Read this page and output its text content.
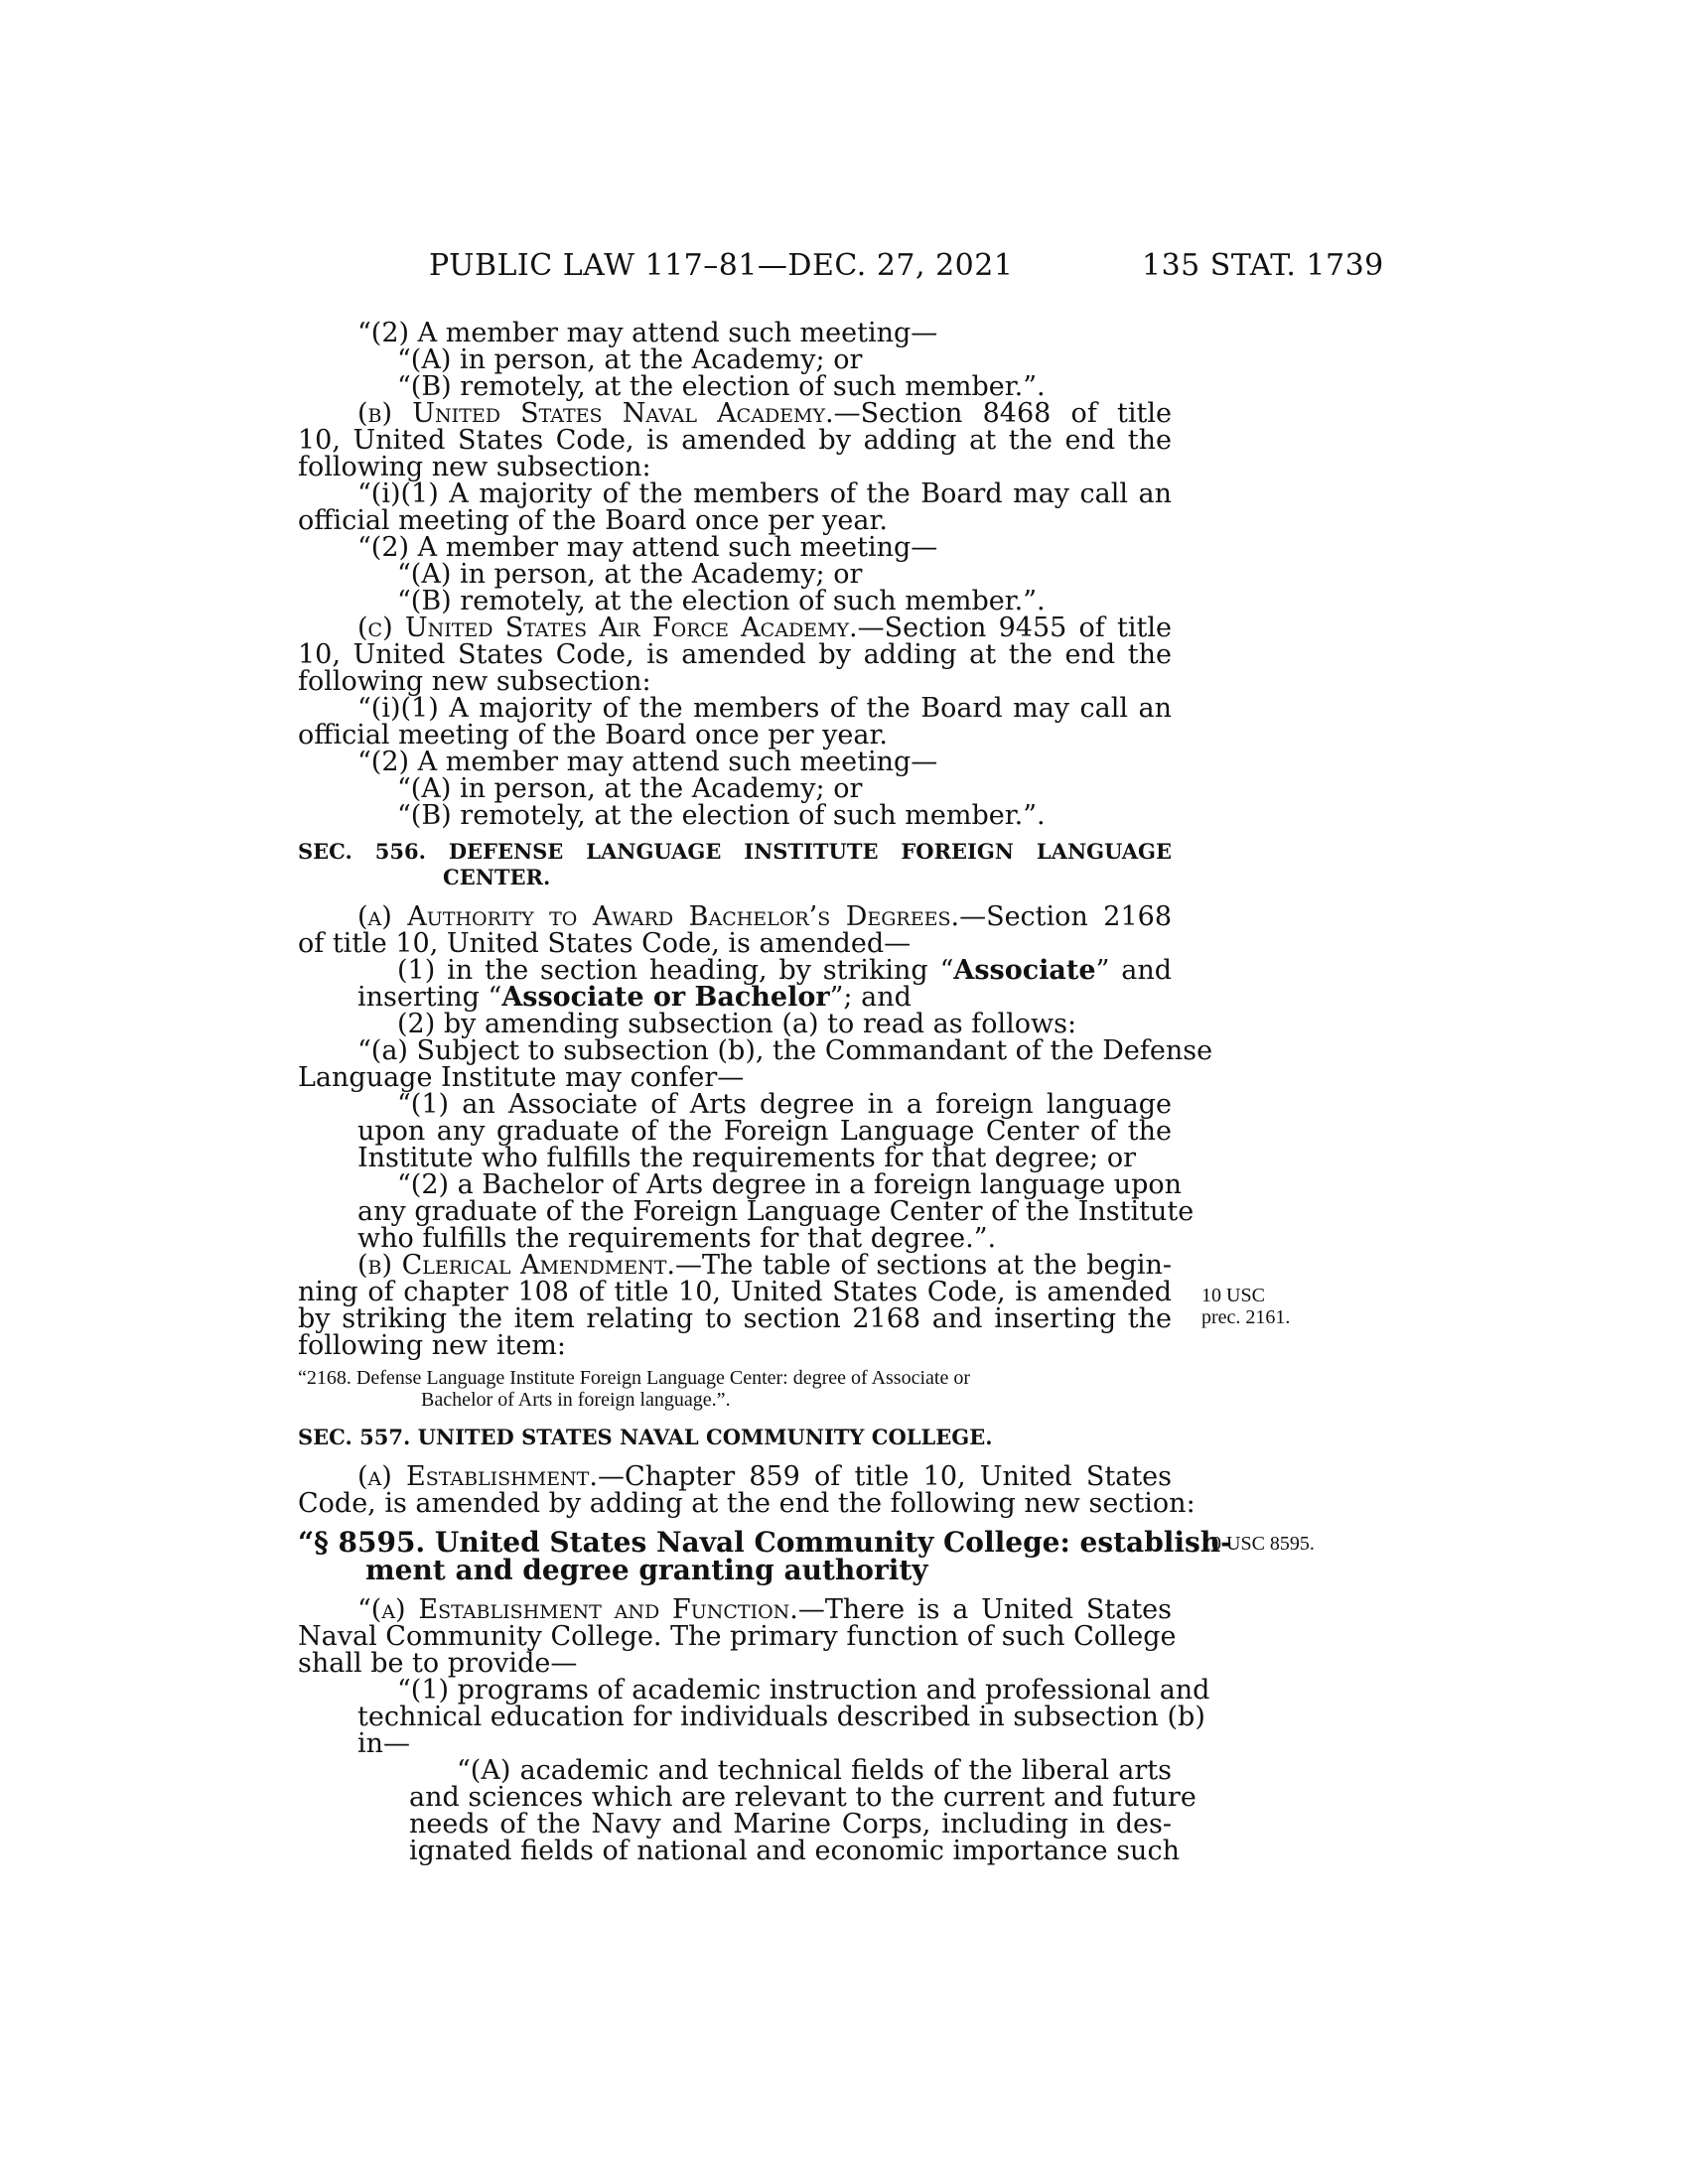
PUBLIC LAW 117–81—DEC. 27, 2021	135 STAT. 1739
“(2) A member may attend such meeting—
“(A) in person, at the Academy; or
“(B) remotely, at the election of such member.”.
(b) United States Naval Academy.—Section 8468 of title
10, United States Code, is amended by adding at the end the
following new subsection:
“(i)(1) A majority of the members of the Board may call an
official meeting of the Board once per year.
“(2) A member may attend such meeting—
“(A) in person, at the Academy; or
“(B) remotely, at the election of such member.”.
(c) United States Air Force Academy.—Section 9455 of title
10, United States Code, is amended by adding at the end the
following new subsection:
“(i)(1) A majority of the members of the Board may call an
official meeting of the Board once per year.
“(2) A member may attend such meeting—
“(A) in person, at the Academy; or
“(B) remotely, at the election of such member.”.
SEC. 556. DEFENSE LANGUAGE INSTITUTE FOREIGN LANGUAGE
CENTER.
(a) Authority to Award Bachelor’s Degrees.—Section 2168
of title 10, United States Code, is amended—
(1) in the section heading, by striking “Associate” and
inserting “Associate or Bachelor”; and
(2) by amending subsection (a) to read as follows:
“(a) Subject to subsection (b), the Commandant of the Defense
Language Institute may confer—
“(1) an Associate of Arts degree in a foreign language
upon any graduate of the Foreign Language Center of the
Institute who fulfills the requirements for that degree; or
“(2) a Bachelor of Arts degree in a foreign language upon
any graduate of the Foreign Language Center of the Institute
who fulfills the requirements for that degree.”.
(b) Clerical Amendment.—The table of sections at the begin-
ning of chapter 108 of title 10, United States Code, is amended
by striking the item relating to section 2168 and inserting the
following new item:
“2168. Defense Language Institute Foreign Language Center: degree of Associate or
Bachelor of Arts in foreign language.”.
SEC. 557. UNITED STATES NAVAL COMMUNITY COLLEGE.
(a) Establishment.—Chapter 859 of title 10, United States
Code, is amended by adding at the end the following new section:
“§ 8595. United States Naval Community College: establish-
ment and degree granting authority
“(a) Establishment and Function.—There is a United States
Naval Community College. The primary function of such College
shall be to provide—
“(1) programs of academic instruction and professional and
technical education for individuals described in subsection (b)
in—
“(A) academic and technical fields of the liberal arts
and sciences which are relevant to the current and future
needs of the Navy and Marine Corps, including in des-
ignated fields of national and economic importance such
10 USC
prec. 2161.
10 USC 8595.
